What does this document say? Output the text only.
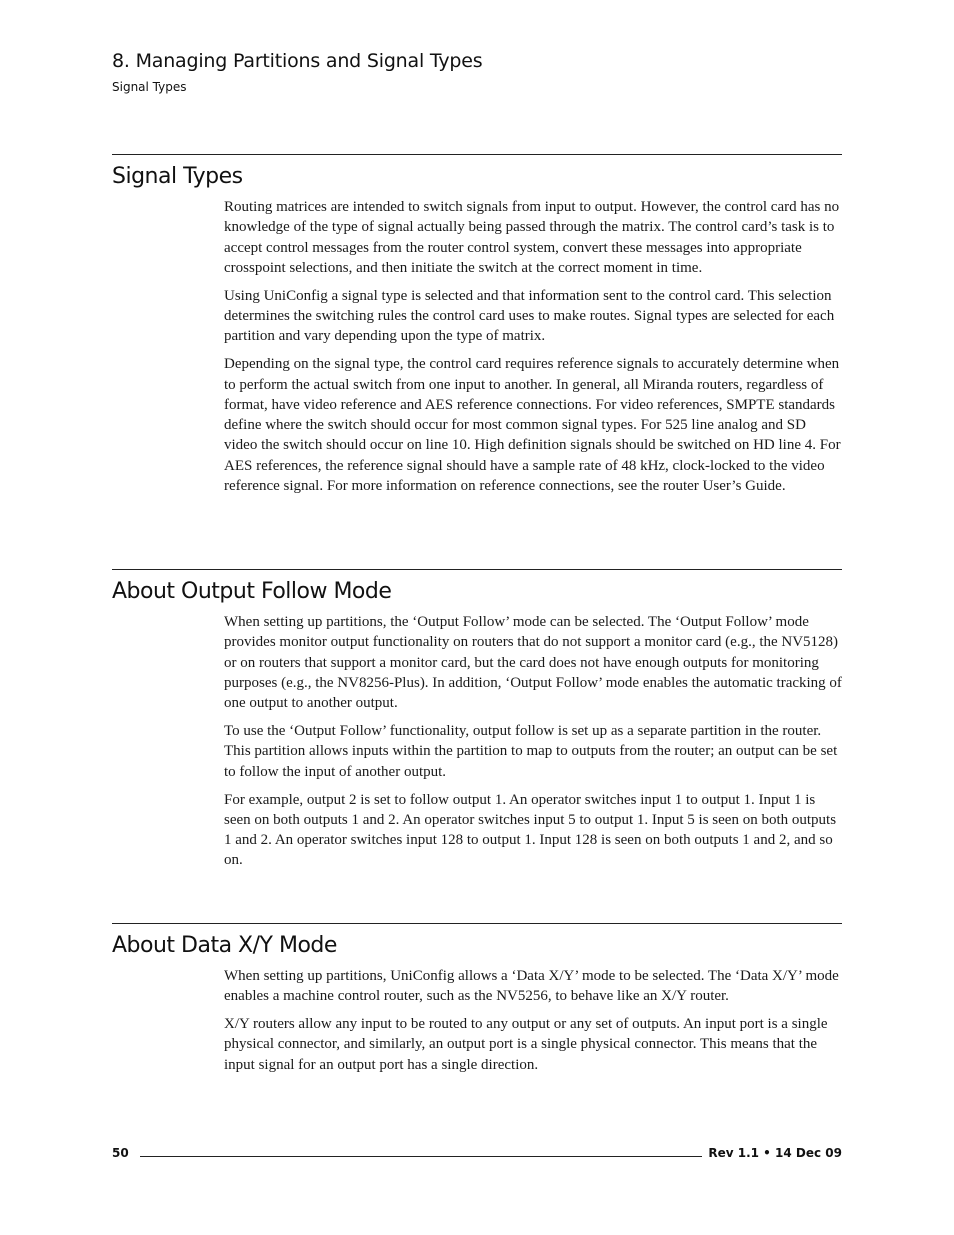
8. Managing Partitions and Signal Types
Signal Types
Signal Types

Routing matrices are intended to switch signals from input to output. However, the control card has no knowledge of the type of signal actually being passed through the matrix. The control card’s task is to accept control messages from the router control system, convert these messages into appropriate crosspoint selections, and then initiate the switch at the correct moment in time.

Using UniConfig a signal type is selected and that information sent to the control card. This selection determines the switching rules the control card uses to make routes. Signal types are selected for each partition and vary depending upon the type of matrix.

Depending on the signal type, the control card requires reference signals to accurately determine when to perform the actual switch from one input to another. In general, all Miranda routers, regardless of format, have video reference and AES reference connections. For video references, SMPTE standards define where the switch should occur for most common signal types. For 525 line analog and SD video the switch should occur on line 10. High definition signals should be switched on HD line 4. For AES references, the reference signal should have a sample rate of 48 kHz, clock-locked to the video reference signal. For more information on reference connections, see the router User’s Guide.

About Output Follow Mode

When setting up partitions, the ‘Output Follow’ mode can be selected. The ‘Output Follow’ mode provides monitor output functionality on routers that do not support a monitor card (e.g., the NV5128) or on routers that support a monitor card, but the card does not have enough outputs for monitoring purposes (e.g., the NV8256-Plus). In addition, ‘Output Follow’ mode enables the automatic tracking of one output to another output.

To use the ‘Output Follow’ functionality, output follow is set up as a separate partition in the router. This partition allows inputs within the partition to map to outputs from the router; an output can be set to follow the input of another output.

For example, output 2 is set to follow output 1. An operator switches input 1 to output 1. Input 1 is seen on both outputs 1 and 2. An operator switches input 5 to output 1. Input 5 is seen on both outputs 1 and 2. An operator switches input 128 to output 1. Input 128 is seen on both outputs 1 and 2, and so on.

About Data X/Y Mode

When setting up partitions, UniConfig allows a ‘Data X/Y’ mode to be selected. The ‘Data X/Y’ mode enables a machine control router, such as the NV5256, to behave like an X/Y router.

X/Y routers allow any input to be routed to any output or any set of outputs. An input port is a single physical connector, and similarly, an output port is a single physical connector. This means that the input signal for an output port has a single direction.

50	Rev 1.1 • 14 Dec 09
